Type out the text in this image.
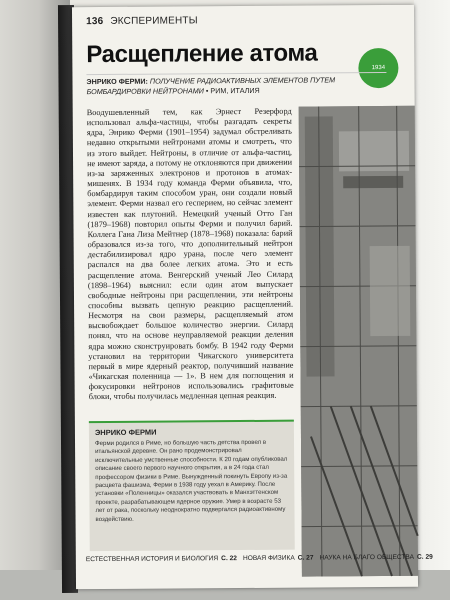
136 ЭКСПЕРИМЕНТЫ
1934
Расщепление атома
ЭНРИКО ФЕРМИ: ПОЛУЧЕНИЕ РАДИОАКТИВНЫХ ЭЛЕМЕНТОВ ПУТЕМ БОМБАРДИРОВКИ НЕЙТРОНАМИ • РИМ, ИТАЛИЯ
Воодушевленный тем, как Эрнест Резерфорд использовал альфа-частицы, чтобы разгадать секреты ядра, Энрико Ферми (1901–1954) задумал обстреливать недавно открытыми нейтронами атомы и смотреть, что из этого выйдет. Нейтроны, в отличие от альфа-частиц, не имеют заряда, а потому не отклоняются при движении из-за заряженных электронов и протонов в атомах-мишенях. В 1934 году команда Ферми объявила, что, бомбардируя таким способом уран, они создали новый элемент. Ферми назвал его гесперием, но сейчас элемент известен как плутоний. Немецкий ученый Отто Ган (1879–1968) повторил опыты Ферми и получил барий. Коллега Гана Лиза Мейтнер (1878–1968) показала: барий образовался из-за того, что дополнительный нейтрон дестабилизировал ядро урана, после чего элемент распался на два более легких атома. Это и есть расщепление атома. Венгерский ученый Лео Силард (1898–1964) выяснил: если один атом выпускает свободные нейтроны при расщеплении, эти нейтроны способны вызвать цепную реакцию расщеплений. Несмотря на свои размеры, расщепляемый атом высвобождает большое количество энергии. Силард понял, что на основе неуправляемой реакции деления ядра можно сконструировать бомбу. В 1942 году Ферми установил на территории Чикагского университета первый в мире ядерный реактор, получивший название «Чикагская поленница — 1». В нем для поглощения и фокусировки нейтронов использовались графитовые блоки, чтобы получилась медленная цепная реакция.
ЭНРИКО ФЕРМИ
Ферми родился в Риме, но большую часть детства провел в итальянской деревне. Он рано продемонстрировал исключительные умственные способности. К 20 годам опубликовал описание своего первого научного открытия, а в 24 года стал профессором физики в Риме. Вынужденный покинуть Европу из-за расцвета фашизма, Ферми в 1938 году уехал в Америку. После установки «Поленницы» оказался участвовать в Манхэттенском проекте, разрабатывающем ядерное оружие. Умер в возрасте 53 лет от рака, поскольку неоднократно подвергался радиоактивному воздействию.
ЕСТЕСТВЕННАЯ ИСТОРИЯ И БИОЛОГИЯ С. 22 НОВАЯ ФИЗИКА С. 27 НАУКА НА БЛАГО ОБЩЕСТВА С. 29
